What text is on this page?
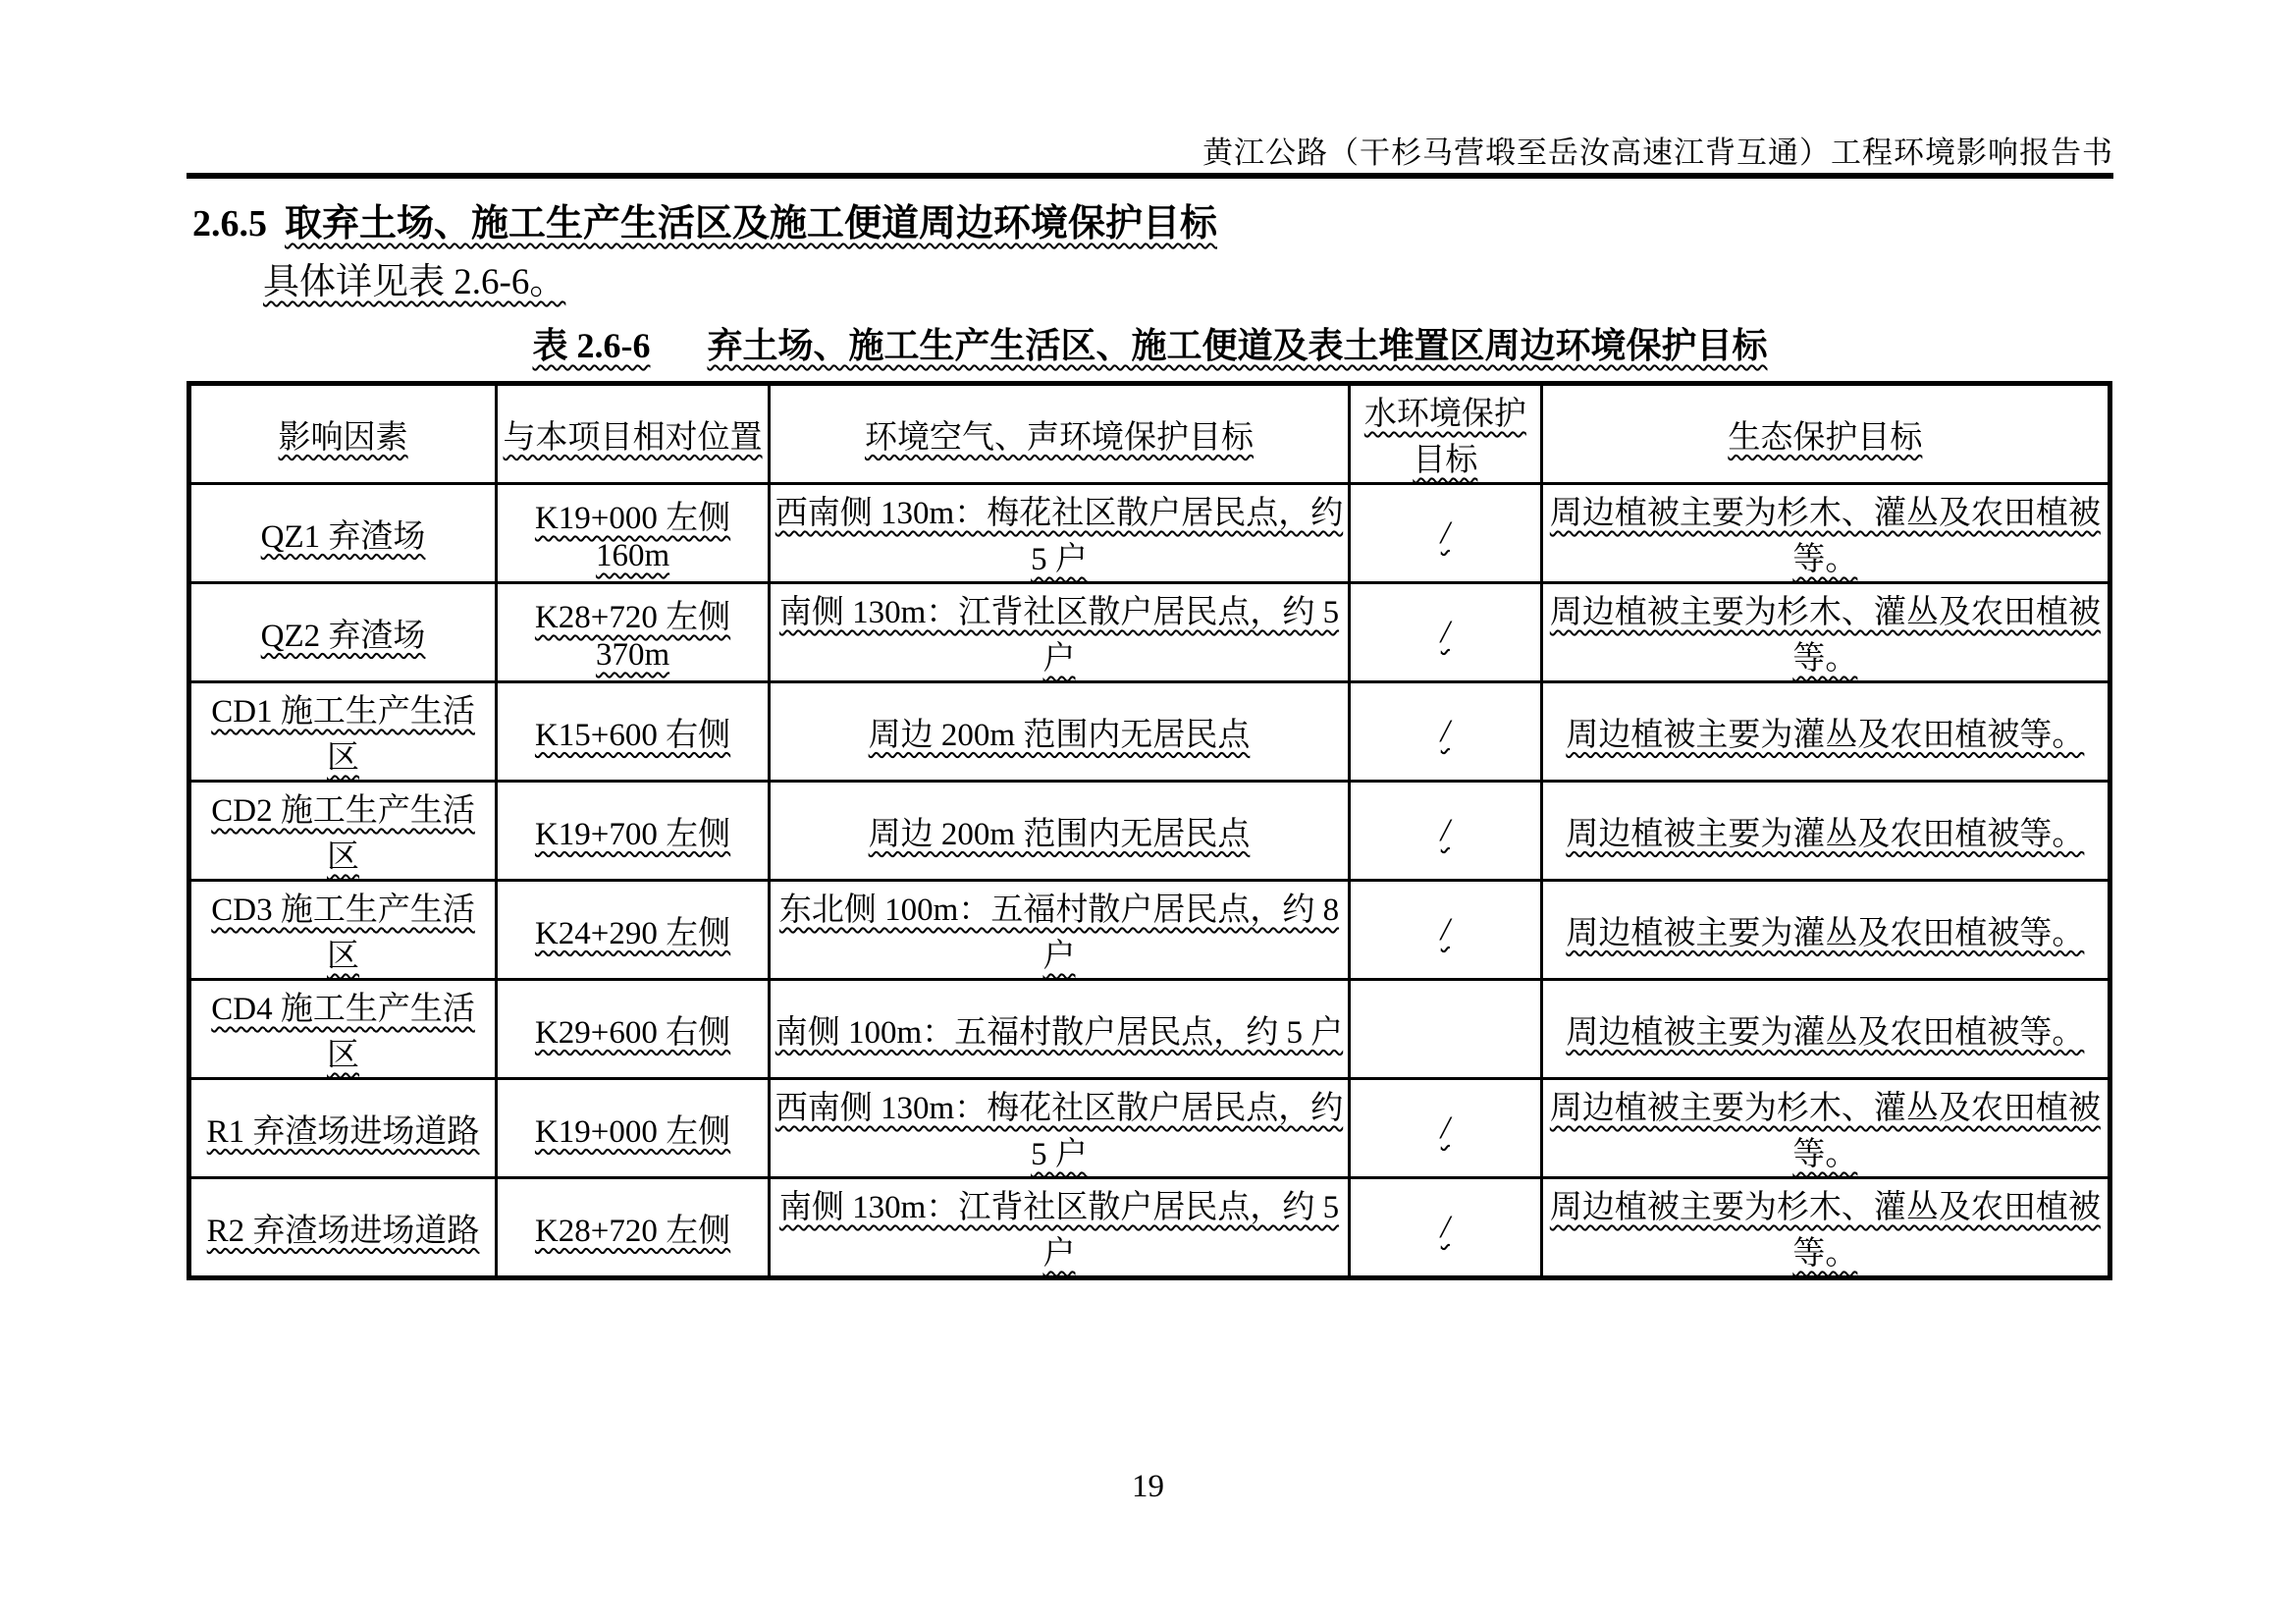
黄江公路（干杉马营塅至岳汝高速江背互通）工程环境影响报告书
2.6.5 取弃土场、施工生产生活区及施工便道周边环境保护目标
具体详见表 2.6-6。
表 2.6-6 弃土场、施工生产生活区、施工便道及表土堆置区周边环境保护目标
影响因素	与本项目相对位置	环境空气、声环境保护目标	水环境保护目标	生态保护目标
QZ1 弃渣场	K19+000 左侧 160m	西南侧 130m：梅花社区散户居民点，约 5 户	/	周边植被主要为杉木、灌丛及农田植被等。
QZ2 弃渣场	K28+720 左侧 370m	南侧 130m：江背社区散户居民点，约 5 户	/	周边植被主要为杉木、灌丛及农田植被等。
CD1 施工生产生活区	K15+600 右侧	周边 200m 范围内无居民点	/	周边植被主要为灌丛及农田植被等。
CD2 施工生产生活区	K19+700 左侧	周边 200m 范围内无居民点	/	周边植被主要为灌丛及农田植被等。
CD3 施工生产生活区	K24+290 左侧	东北侧 100m：五福村散户居民点，约 8 户	/	周边植被主要为灌丛及农田植被等。
CD4 施工生产生活区	K29+600 右侧	南侧 100m：五福村散户居民点，约 5 户		周边植被主要为灌丛及农田植被等。
R1 弃渣场进场道路	K19+000 左侧	西南侧 130m：梅花社区散户居民点，约 5 户	/	周边植被主要为杉木、灌丛及农田植被等。
R2 弃渣场进场道路	K28+720 左侧	南侧 130m：江背社区散户居民点，约 5 户	/	周边植被主要为杉木、灌丛及农田植被等。
19
